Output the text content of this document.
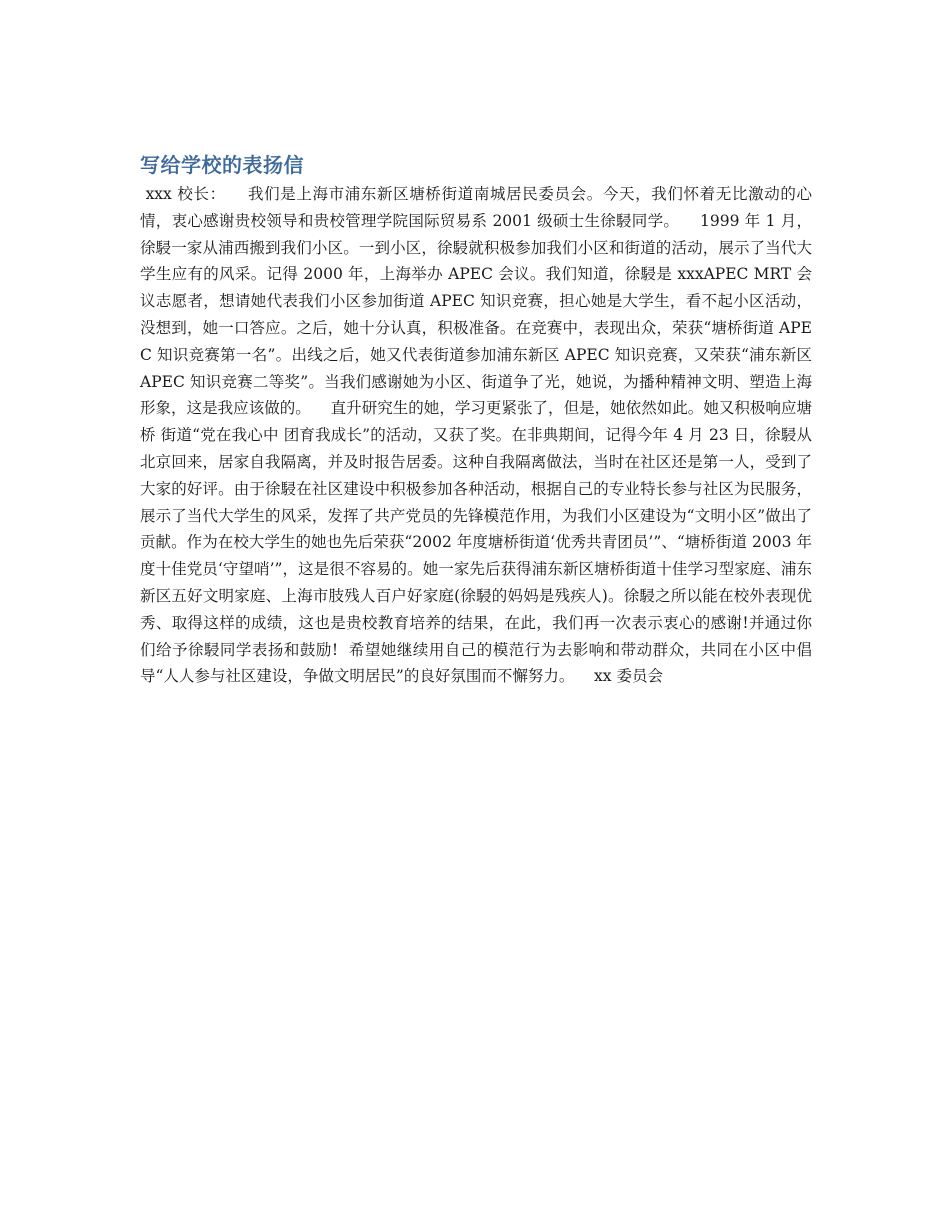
写给学校的表扬信

xxx 校长：    我们是上海市浦东新区塘桥街道南城居民委员会。今天，我们怀着无比激动的心情，衷心感谢贵校领导和贵校管理学院国际贸易系 2001 级硕士生徐駸同学。    1999 年 1 月，徐駸一家从浦西搬到我们小区。一到小区，徐駸就积极参加我们小区和街道的活动，展示了当代大学生应有的风采。记得 2000 年，上海举办 APEC 会议。我们知道，徐駸是 xxxAPEC MRT 会议志愿者，想请她代表我们小区参加街道 APEC 知识竞赛，担心她是大学生，看不起小区活动，没想到，她一口答应。之后，她十分认真，积极准备。在竞赛中，表现出众，荣获“塘桥街道 APEC 知识竞赛第一名”。出线之后，她又代表街道参加浦东新区 APEC 知识竞赛，又荣获“浦东新区 APEC 知识竞赛二等奖”。当我们感谢她为小区、街道争了光，她说，为播种精神文明、塑造上海形象，这是我应该做的。    直升研究生的她，学习更紧张了，但是，她依然如此。她又积极响应塘桥 街道“党在我心中 团育我成长”的活动，又获了奖。在非典期间，记得今年 4 月 23 日，徐駸从北京回来，居家自我隔离，并及时报告居委。这种自我隔离做法，当时在社区还是第一人，受到了大家的好评。由于徐駸在社区建设中积极参加各种活动，根据自己的专业特长参与社区为民服务，展示了当代大学生的风采，发挥了共产党员的先锋模范作用，为我们小区建设为“文明小区”做出了贡献。作为在校大学生的她也先后荣获“2002 年度塘桥街道‘优秀共青团员’”、“塘桥街道 2003 年度十佳党员‘守望哨’”，这是很不容易的。她一家先后获得浦东新区塘桥街道十佳学习型家庭、浦东新区五好文明家庭、上海市肢残人百户好家庭(徐駸的妈妈是残疾人)。徐駸之所以能在校外表现优秀、取得这样的成绩，这也是贵校教育培养的结果，在此，我们再一次表示衷心的感谢!并通过你们给予徐駸同学表扬和鼓励!  希望她继续用自己的模范行为去影响和带动群众，共同在小区中倡导“人人参与社区建设，争做文明居民”的良好氛围而不懈努力。    xx 委员会
